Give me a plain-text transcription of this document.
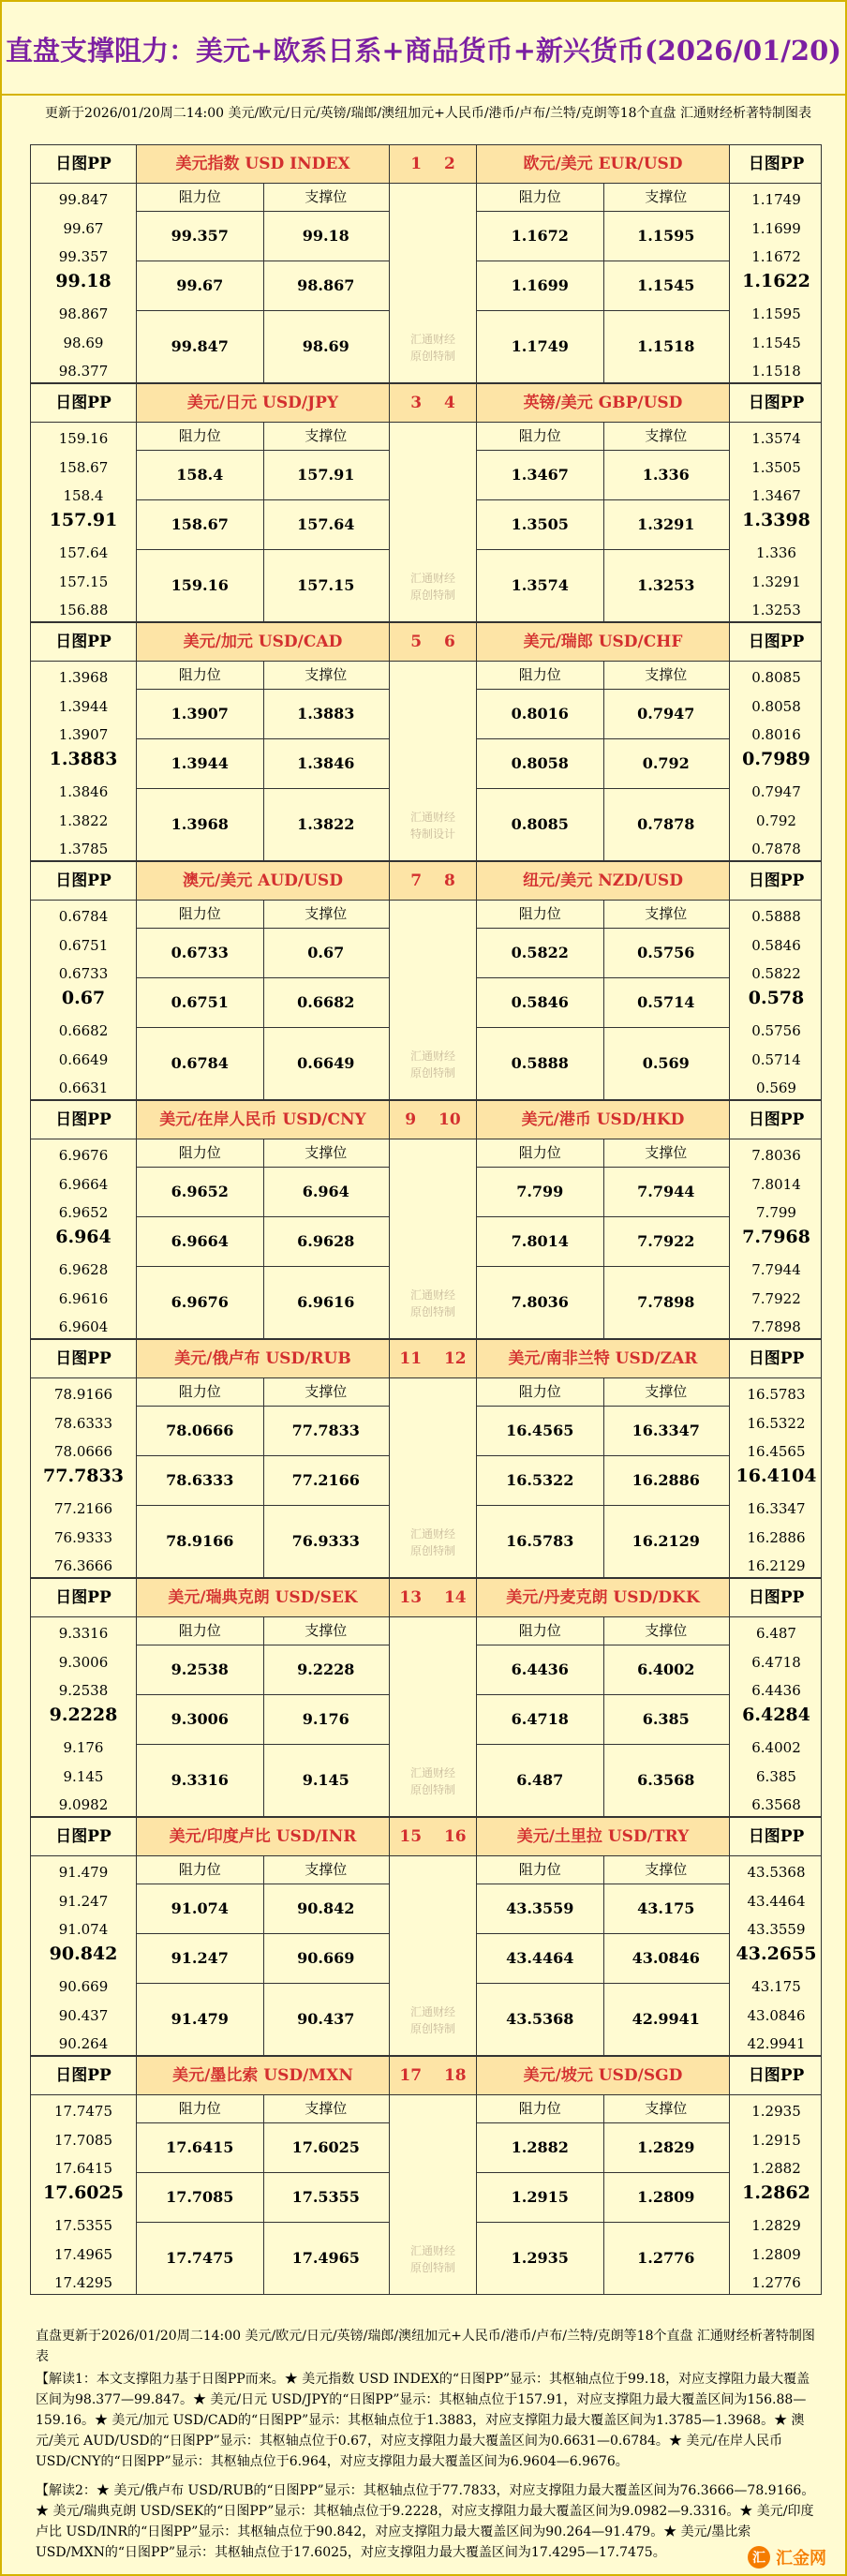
直盘支撑阻力：美元+欧系日系+商品货币+新兴货币(2026/01/20)
更新于2026/01/20周二14:00 美元/欧元/日元/英镑/瑞郎/澳纽加元+人民币/港币/卢布/兰特/克朗等18个直盘 汇通财经析著特制图表
日图PP	美元指数 USD INDEX	1 2	欧元/美元 EUR/USD	日图PP
99.847
99.67
99.357
99.18
98.867
98.69
98.377
1.1749
1.1699
1.1672
1.1622
1.1595
1.1545
1.1518
阻力位	支撑位
99.357	99.18
99.67	98.867
99.847	98.69
阻力位	支撑位
1.1672	1.1595
1.1699	1.1545
1.1749	1.1518
汇通财经
原创特制
日图PP	美元/日元 USD/JPY	3 4	英镑/美元 GBP/USD	日图PP
159.16
158.67
158.4
157.91
157.64
157.15
156.88
1.3574
1.3505
1.3467
1.3398
1.336
1.3291
1.3253
阻力位	支撑位
158.4	157.91
158.67	157.64
159.16	157.15
阻力位	支撑位
1.3467	1.336
1.3505	1.3291
1.3574	1.3253
汇通财经
原创特制
日图PP	美元/加元 USD/CAD	5 6	美元/瑞郎 USD/CHF	日图PP
1.3968
1.3944
1.3907
1.3883
1.3846
1.3822
1.3785
0.8085
0.8058
0.8016
0.7989
0.7947
0.792
0.7878
阻力位	支撑位
1.3907	1.3883
1.3944	1.3846
1.3968	1.3822
阻力位	支撑位
0.8016	0.7947
0.8058	0.792
0.8085	0.7878
汇通财经
特制设计
日图PP	澳元/美元 AUD/USD	7 8	纽元/美元 NZD/USD	日图PP
0.6784
0.6751
0.6733
0.67
0.6682
0.6649
0.6631
0.5888
0.5846
0.5822
0.578
0.5756
0.5714
0.569
阻力位	支撑位
0.6733	0.67
0.6751	0.6682
0.6784	0.6649
阻力位	支撑位
0.5822	0.5756
0.5846	0.5714
0.5888	0.569
汇通财经
原创特制
日图PP	美元/在岸人民币 USD/CNY	9 10	美元/港币 USD/HKD	日图PP
6.9676
6.9664
6.9652
6.964
6.9628
6.9616
6.9604
7.8036
7.8014
7.799
7.7968
7.7944
7.7922
7.7898
阻力位	支撑位
6.9652	6.964
6.9664	6.9628
6.9676	6.9616
阻力位	支撑位
7.799	7.7944
7.8014	7.7922
7.8036	7.7898
汇通财经
原创特制
日图PP	美元/俄卢布 USD/RUB	11 12	美元/南非兰特 USD/ZAR	日图PP
78.9166
78.6333
78.0666
77.7833
77.2166
76.9333
76.3666
16.5783
16.5322
16.4565
16.4104
16.3347
16.2886
16.2129
阻力位	支撑位
78.0666	77.7833
78.6333	77.2166
78.9166	76.9333
阻力位	支撑位
16.4565	16.3347
16.5322	16.2886
16.5783	16.2129
汇通财经
原创特制
日图PP	美元/瑞典克朗 USD/SEK	13 14	美元/丹麦克朗 USD/DKK	日图PP
9.3316
9.3006
9.2538
9.2228
9.176
9.145
9.0982
6.487
6.4718
6.4436
6.4284
6.4002
6.385
6.3568
阻力位	支撑位
9.2538	9.2228
9.3006	9.176
9.3316	9.145
阻力位	支撑位
6.4436	6.4002
6.4718	6.385
6.487	6.3568
汇通财经
原创特制
日图PP	美元/印度卢比 USD/INR	15 16	美元/土里拉 USD/TRY	日图PP
91.479
91.247
91.074
90.842
90.669
90.437
90.264
43.5368
43.4464
43.3559
43.2655
43.175
43.0846
42.9941
阻力位	支撑位
91.074	90.842
91.247	90.669
91.479	90.437
阻力位	支撑位
43.3559	43.175
43.4464	43.0846
43.5368	42.9941
汇通财经
原创特制
日图PP	美元/墨比索 USD/MXN	17 18	美元/坡元 USD/SGD	日图PP
17.7475
17.7085
17.6415
17.6025
17.5355
17.4965
17.4295
1.2935
1.2915
1.2882
1.2862
1.2829
1.2809
1.2776
阻力位	支撑位
17.6415	17.6025
17.7085	17.5355
17.7475	17.4965
阻力位	支撑位
1.2882	1.2829
1.2915	1.2809
1.2935	1.2776
汇通财经
原创特制
直盘更新于2026/01/20周二14:00 美元/欧元/日元/英镑/瑞郎/澳纽加元+人民币/港币/卢布/兰特/克朗等18个直盘 汇通财经析著特制图表
【解读1：本文支撑阻力基于日图PP而来。★ 美元指数 USD INDEX的“日图PP”显示：其枢轴点位于99.18，对应支撑阻力最大覆盖区间为98.377—99.847。★ 美元/日元 USD/JPY的“日图PP”显示：其枢轴点位于157.91，对应支撑阻力最大覆盖区间为156.88—159.16。★ 美元/加元 USD/CAD的“日图PP”显示：其枢轴点位于1.3883，对应支撑阻力最大覆盖区间为1.3785—1.3968。★ 澳元/美元 AUD/USD的“日图PP”显示：其枢轴点位于0.67，对应支撑阻力最大覆盖区间为0.6631—0.6784。★ 美元/在岸人民币 USD/CNY的“日图PP”显示：其枢轴点位于6.964，对应支撑阻力最大覆盖区间为6.9604—6.9676。
【解读2：★ 美元/俄卢布 USD/RUB的“日图PP”显示：其枢轴点位于77.7833，对应支撑阻力最大覆盖区间为76.3666—78.9166。★ 美元/瑞典克朗 USD/SEK的“日图PP”显示：其枢轴点位于9.2228，对应支撑阻力最大覆盖区间为9.0982—9.3316。★ 美元/印度卢比 USD/INR的“日图PP”显示：其枢轴点位于90.842，对应支撑阻力最大覆盖区间为90.264—91.479。★ 美元/墨比索 USD/MXN的“日图PP”显示：其枢轴点位于17.6025，对应支撑阻力最大覆盖区间为17.4295—17.7475。	汇 汇金网
